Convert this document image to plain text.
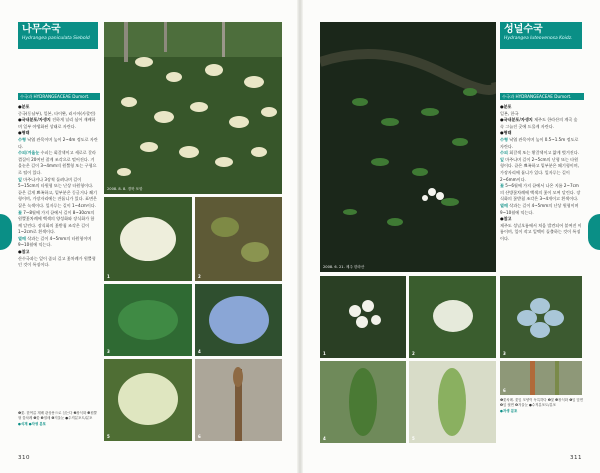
나무수국
Hydrangea paniculata Siebold
수국과 HYDRANGEACEAE Dumort.

●분포

중국(동남부), 일본, 타이완, 러시아(사할린)

●국내분포/자생지 진하게 널리 심어 재배하며 일부 야생화된 상태로 자란다.

●형태

수형 낙엽 관목이며 높이 2~4m 정도로 자란다.

수피/겨울눈 수피는 회갈색이고 세로로 갈라 껍질이 20여년 잘게 조각으로 떨어진다. 겨울눈은 길이 3~4mm의 원뿔형 또는 구형으로 털이 있다.

잎 마주나거나 3장씩 돌려나며 길이 5~15cm의 타원형 또는 난상 타원형이다. 끝은 길게 뾰족하고, 밑부분은 둥글거나 쐐기형이며, 가장자리에는 잔톱니가 있다. 표면은 짙은 녹색이다. 잎자루는 길이 1~4cm이다.

꽃 7~8월에 가지 끝에서 길이 8~30cm의 원뿔꽃차례에 백색의 양성화와 장식화가 함께 달린다. 장식화의 꽃받침 조각은 길이 1~2cm로 흰색이다.

열매 삭과는 길이 4~5mm의 타원형이며 9~10월에 익는다.

●참고

산수국과는 잎이 좀더 길고 꽃차례가 원뿔형인 것이 특징이다.

❶꽃. 한여름 재배 관상용으로 심는다 ❷장식화 ❸원뿔형 꽃차례 ❹꽃 ❺열매 ❻겨울눈 ●수직분포도/분포
●식재 ●자생 분포
2008. 8. 8. 경북 포항
1	2
3	4
5	6
310
2008. 6. 21. 제주 한라산
성널수국
Hydrangea luteovenosa Koidz.
수국과 HYDRANGEACEAE Dumort.

●분포

일본, 한국

●국내분포/자생지 제주도 한라산의 계곡 숲 속 그늘진 곳에 드물게 자란다.

●형태

수형 낙엽 관목이며 높이 0.5~1.5m 정도로 자란다.

수피 회갈색 또는 황갈색이고 얇게 벗겨진다.

잎 마주나며 길이 2~5cm의 난형 또는 타원형이다. 끝은 뾰족하고 밑부분은 쐐기형이며, 가장자리에 톱니가 있다. 잎자루는 길이 2~6mm이다.

꽃 5~6월에 가지 끝에서 나온 지름 2~7cm의 산방꽃차례에 백색의 꽃이 모여 달린다. 장식화의 꽃받침 조각은 3~4개이고 흰색이다.

열매 삭과는 길이 4~5mm의 난상 원형이며 9~10월에 익는다.

●참고

제주도 성널오름에서 처음 발견되어 붙여진 이름이며, 잎이 작고 잎맥이 돌출하는 것이 특징이다.

❶꽃차례. 꽃잎 모양이 독특하다 ❷꽃 ❸장식화 ❹잎 앞면 ❺잎 뒷면 ❻겨울눈 ●수직분포도/분포
●자생 분포
1	2	3
4	5
6
311
